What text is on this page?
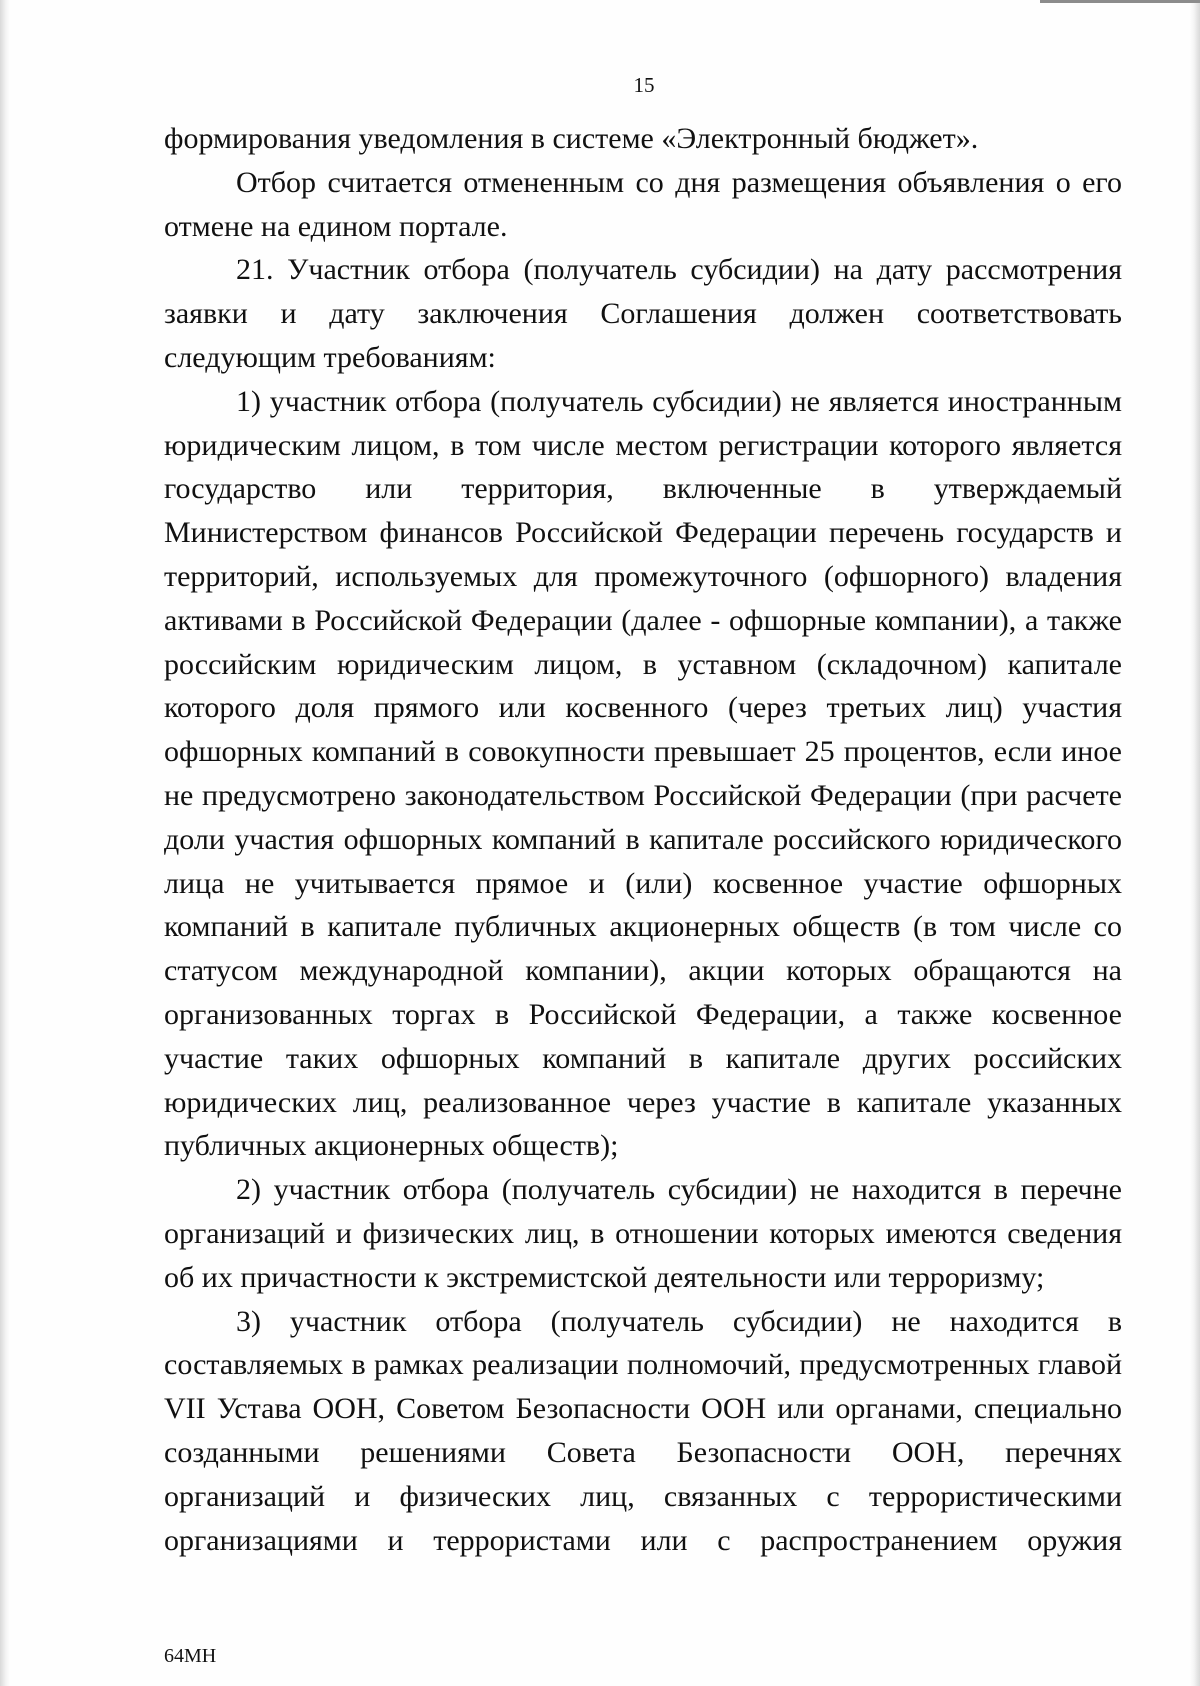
15

формирования уведомления в системе «Электронный бюджет».

Отбор считается отмененным со дня размещения объявления о его отмене на едином портале.

21. Участник отбора (получатель субсидии) на дату рассмотрения заявки и дату заключения Соглашения должен соответствовать следующим требованиям:

1) участник отбора (получатель субсидии) не является иностранным юридическим лицом, в том числе местом регистрации которого является государство или территория, включенные в утверждаемый Министерством финансов Российской Федерации перечень государств и территорий, используемых для промежуточного (офшорного) владения активами в Российской Федерации (далее - офшорные компании), а также российским юридическим лицом, в уставном (складочном) капитале которого доля прямого или косвенного (через третьих лиц) участия офшорных компаний в совокупности превышает 25 процентов, если иное не предусмотрено законодательством Российской Федерации (при расчете доли участия офшорных компаний в капитале российского юридического лица не учитывается прямое и (или) косвенное участие офшорных компаний в капитале публичных акционерных обществ (в том числе со статусом международной компании), акции которых обращаются на организованных торгах в Российской Федерации, а также косвенное участие таких офшорных компаний в капитале других российских юридических лиц, реализованное через участие в капитале указанных публичных акционерных обществ);

2) участник отбора (получатель субсидии) не находится в перечне организаций и физических лиц, в отношении которых имеются сведения об их причастности к экстремистской деятельности или терроризму;

3) участник отбора (получатель субсидии) не находится в составляемых в рамках реализации полномочий, предусмотренных главой VII Устава ООН, Советом Безопасности ООН или органами, специально созданными решениями Совета Безопасности ООН, перечнях организаций и физических лиц, связанных с террористическими организациями и террористами или с распространением оружия

64МН
